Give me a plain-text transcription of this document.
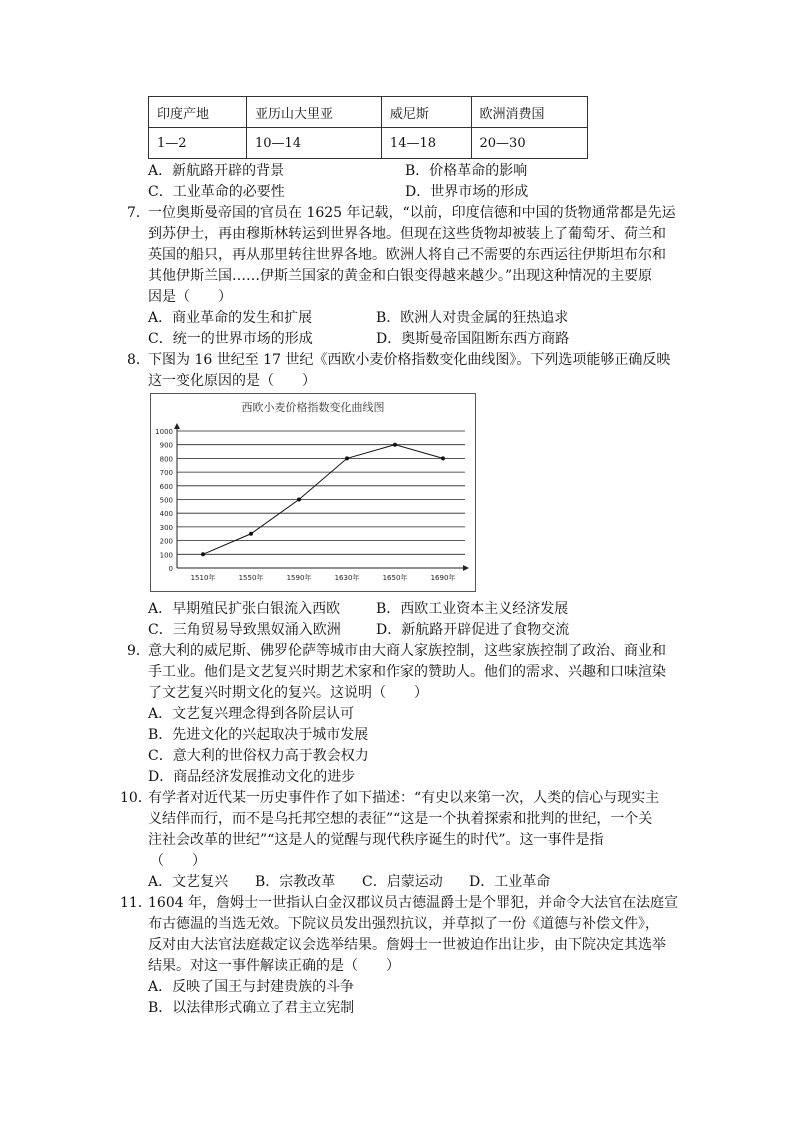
印度产地	亚历山大里亚	威尼斯	欧洲消费国
1—2	10—14	14—18	20—30
A．新航路开辟的背景	B．价格革命的影响
C．工业革命的必要性	D．世界市场的形成
7．
一位奥斯曼帝国的官员在 1625 年记载，“以前，印度信德和中国的货物通常都是先运
到苏伊士，再由穆斯林转运到世界各地。但现在这些货物却被装上了葡萄牙、荷兰和
英国的船只，再从那里转往世界各地。欧洲人将自己不需要的东西运往伊斯坦布尔和
其他伊斯兰国……伊斯兰国家的黄金和白银变得越来越少。”出现这种情况的主要原
因是（　　）
A．商业革命的发生和扩展	B．欧洲人对贵金属的狂热追求
C．统一的世界市场的形成	D．奥斯曼帝国阻断东西方商路
8．
下图为 16 世纪至 17 世纪《西欧小麦价格指数变化曲线图》。下列选项能够正确反映
这一变化原因的是（　　）
西欧小麦价格指数变化曲线图
0
100
200
300
400
500
600
700
800
900
1000
1510年	1550年	1590年	1630年	1650年	1690年
A．早期殖民扩张白银流入西欧	B．西欧工业资本主义经济发展
C．三角贸易导致黑奴涌入欧洲	D．新航路开辟促进了食物交流
9．
意大利的威尼斯、佛罗伦萨等城市由大商人家族控制，这些家族控制了政治、商业和
手工业。他们是文艺复兴时期艺术家和作家的赞助人。他们的需求、兴趣和口味渲染
了文艺复兴时期文化的复兴。这说明（　　）
A．文艺复兴理念得到各阶层认可
B．先进文化的兴起取决于城市发展
C．意大利的世俗权力高于教会权力
D．商品经济发展推动文化的进步
10．
有学者对近代某一历史事件作了如下描述：“有史以来第一次，人类的信心与现实主
义结伴而行，而不是乌托邦空想的表征”“这是一个执着探索和批判的世纪，一个关
注社会改革的世纪”“这是人的觉醒与现代秩序诞生的时代”。这一事件是指
（　　）
A．文艺复兴 B．宗教改革 C．启蒙运动 D．工业革命
11．
1604 年，詹姆士一世指认白金汉郡议员古德温爵士是个罪犯，并命令大法官在法庭宣
布古德温的当选无效。下院议员发出强烈抗议，并草拟了一份《道德与补偿文件》，
反对由大法官法庭裁定议会选举结果。詹姆士一世被迫作出让步，由下院决定其选举
结果。对这一事件解读正确的是（　　）
A．反映了国王与封建贵族的斗争
B．以法律形式确立了君主立宪制
